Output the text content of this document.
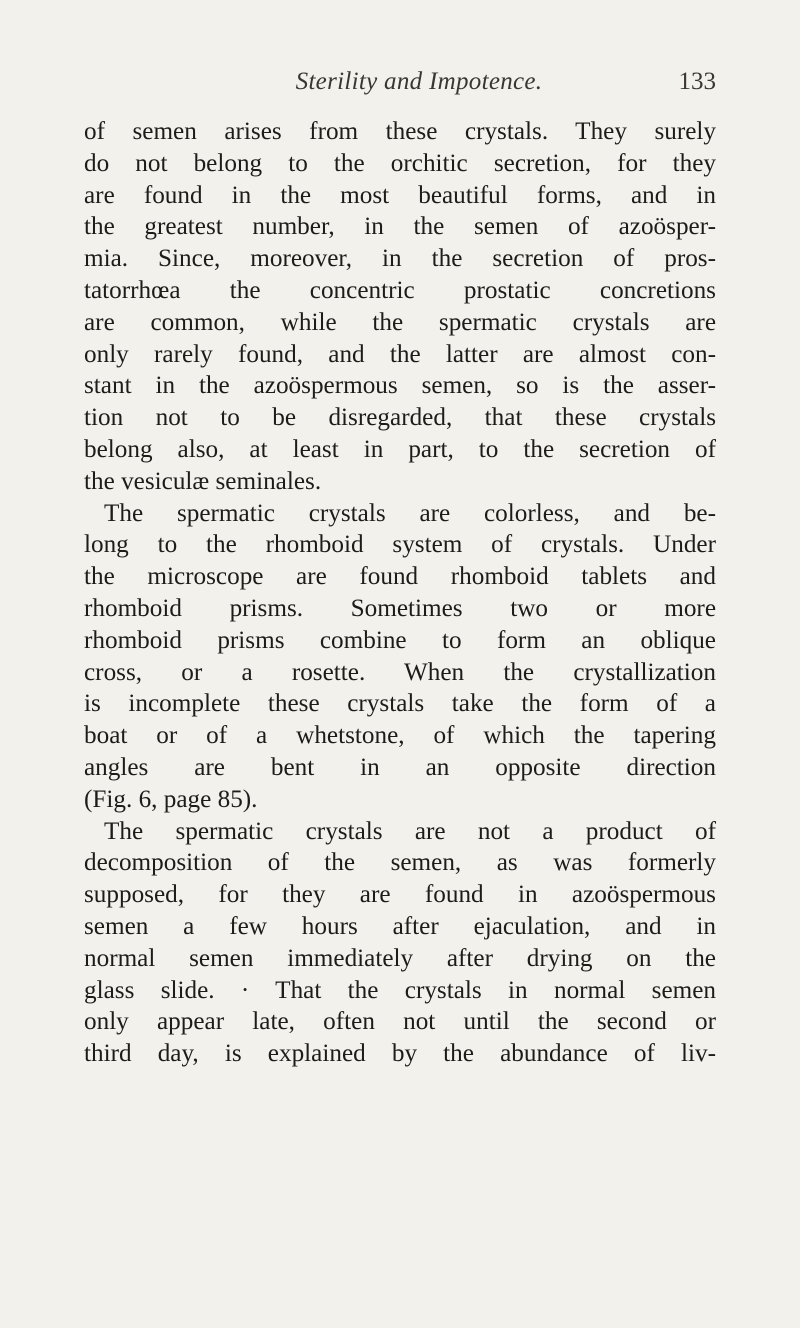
Sterility and Impotence.	133
of semen arises from these crystals. They surely
do not belong to the orchitic secretion, for they
are found in the most beautiful forms, and in
the greatest number, in the semen of azoösper-
mia. Since, moreover, in the secretion of pros-
tatorrhœa the concentric prostatic concretions
are common, while the spermatic crystals are
only rarely found, and the latter are almost con-
stant in the azoöspermous semen, so is the asser-
tion not to be disregarded, that these crystals
belong also, at least in part, to the secretion of
the vesiculæ seminales.
The spermatic crystals are colorless, and be-
long to the rhomboid system of crystals. Under
the microscope are found rhomboid tablets and
rhomboid prisms. Sometimes two or more
rhomboid prisms combine to form an oblique
cross, or a rosette. When the crystallization
is incomplete these crystals take the form of a
boat or of a whetstone, of which the tapering
angles are bent in an opposite direction
(Fig. 6, page 85).
The spermatic crystals are not a product of
decomposition of the semen, as was formerly
supposed, for they are found in azoöspermous
semen a few hours after ejaculation, and in
normal semen immediately after drying on the
glass slide. · That the crystals in normal semen
only appear late, often not until the second or
third day, is explained by the abundance of liv-
